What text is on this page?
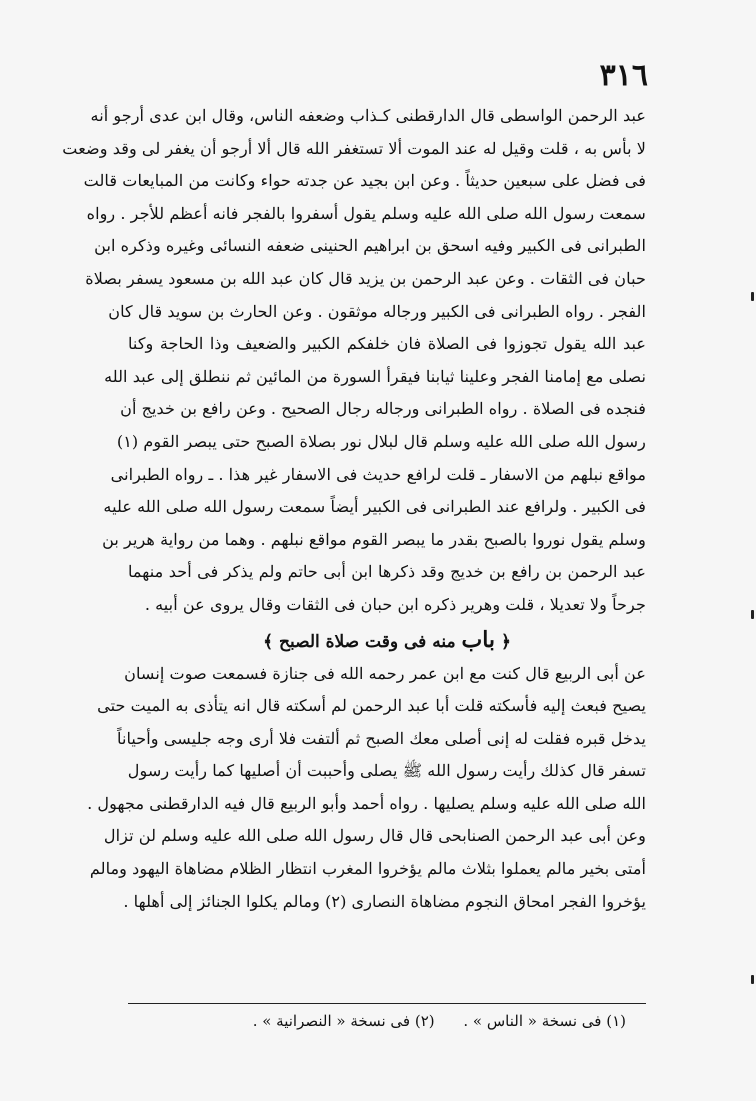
٣١٦
عبد الرحمن الواسطى قال الدارقطنى كـذاب وضعفه الناس، وقال ابن عدى أرجو أنه
لا بأس به ، قلت وقيل له عند الموت ألا تستغفر الله قال ألا أرجو أن يغفر لى وقد وضعت
فى فضل على سبعين حديثاً . وعن ابن بجيد عن جدته حواء وكانت من المبايعات قالت
سمعت رسول الله صلى الله عليه وسلم يقول أسفروا بالفجر فانه أعظم للأجر . رواه
الطبرانى فى الكبير وفيه اسحق بن ابراهيم الحنينى ضعفه النسائى وغيره وذكره ابن
حبان فى الثقات . وعن عبد الرحمن بن يزيد قال كان عبد الله بن مسعود يسفر بصلاة
الفجر . رواه الطبرانى فى الكبير ورجاله موثقون . وعن الحارث بن سويد قال كان
عبد الله يقول تجوزوا فى الصلاة فان خلفكم الكبير والضعيف وذا الحاجة وكنا
نصلى مع إمامنا الفجر وعلينا ثيابنا فيقرأ السورة من المائين ثم ننطلق إلى عبد الله
فنجده فى الصلاة . رواه الطبرانى ورجاله رجال الصحيح . وعن رافع بن خديج أن
رسول الله صلى الله عليه وسلم قال لبلال نور بصلاة الصبح حتى يبصر القوم (١)
مواقع نبلهم من الاسفار ـ قلت لرافع حديث فى الاسفار غير هذا . ـ رواه الطبرانى
فى الكبير . ولرافع عند الطبرانى فى الكبير أيضاً سمعت رسول الله صلى الله عليه
وسلم يقول نوروا بالصبح بقدر ما يبصر القوم مواقع نبلهم . وهما من رواية هرير بن
عبد الرحمن بن رافع بن خديج وقد ذكرها ابن أبى حاتم ولم يذكر فى أحد منهما
جرحاً ولا تعديلا ، قلت وهرير ذكره ابن حبان فى الثقات وقال يروى عن أبيه .
﴿ باب منه فى وقت صلاة الصبح ﴾
عن أبى الربيع قال كنت مع ابن عمر رحمه الله فى جنازة فسمعت صوت إنسان
يصيح فبعث إليه فأسكته قلت أبا عبد الرحمن لم أسكته قال انه يتأذى به الميت حتى
يدخل قبره فقلت له إنى أصلى معك الصبح ثم ألتفت فلا أرى وجه جليسى وأحياناً
تسفر قال كذلك رأيت رسول الله ﷺ يصلى وأحببت أن أصليها كما رأيت رسول
الله صلى الله عليه وسلم يصليها . رواه أحمد وأبو الربيع قال فيه الدارقطنى مجهول .
وعن أبى عبد الرحمن الصنابحى قال قال رسول الله صلى الله عليه وسلم لن تزال
أمتى بخير مالم يعملوا بثلاث مالم يؤخروا المغرب انتظار الظلام مضاهاة اليهود ومالم
يؤخروا الفجر امحاق النجوم مضاهاة النصارى (٢) ومالم يكلوا الجنائز إلى أهلها .
(١) فى نسخة « الناس » . (٢) فى نسخة « النصرانية » .
